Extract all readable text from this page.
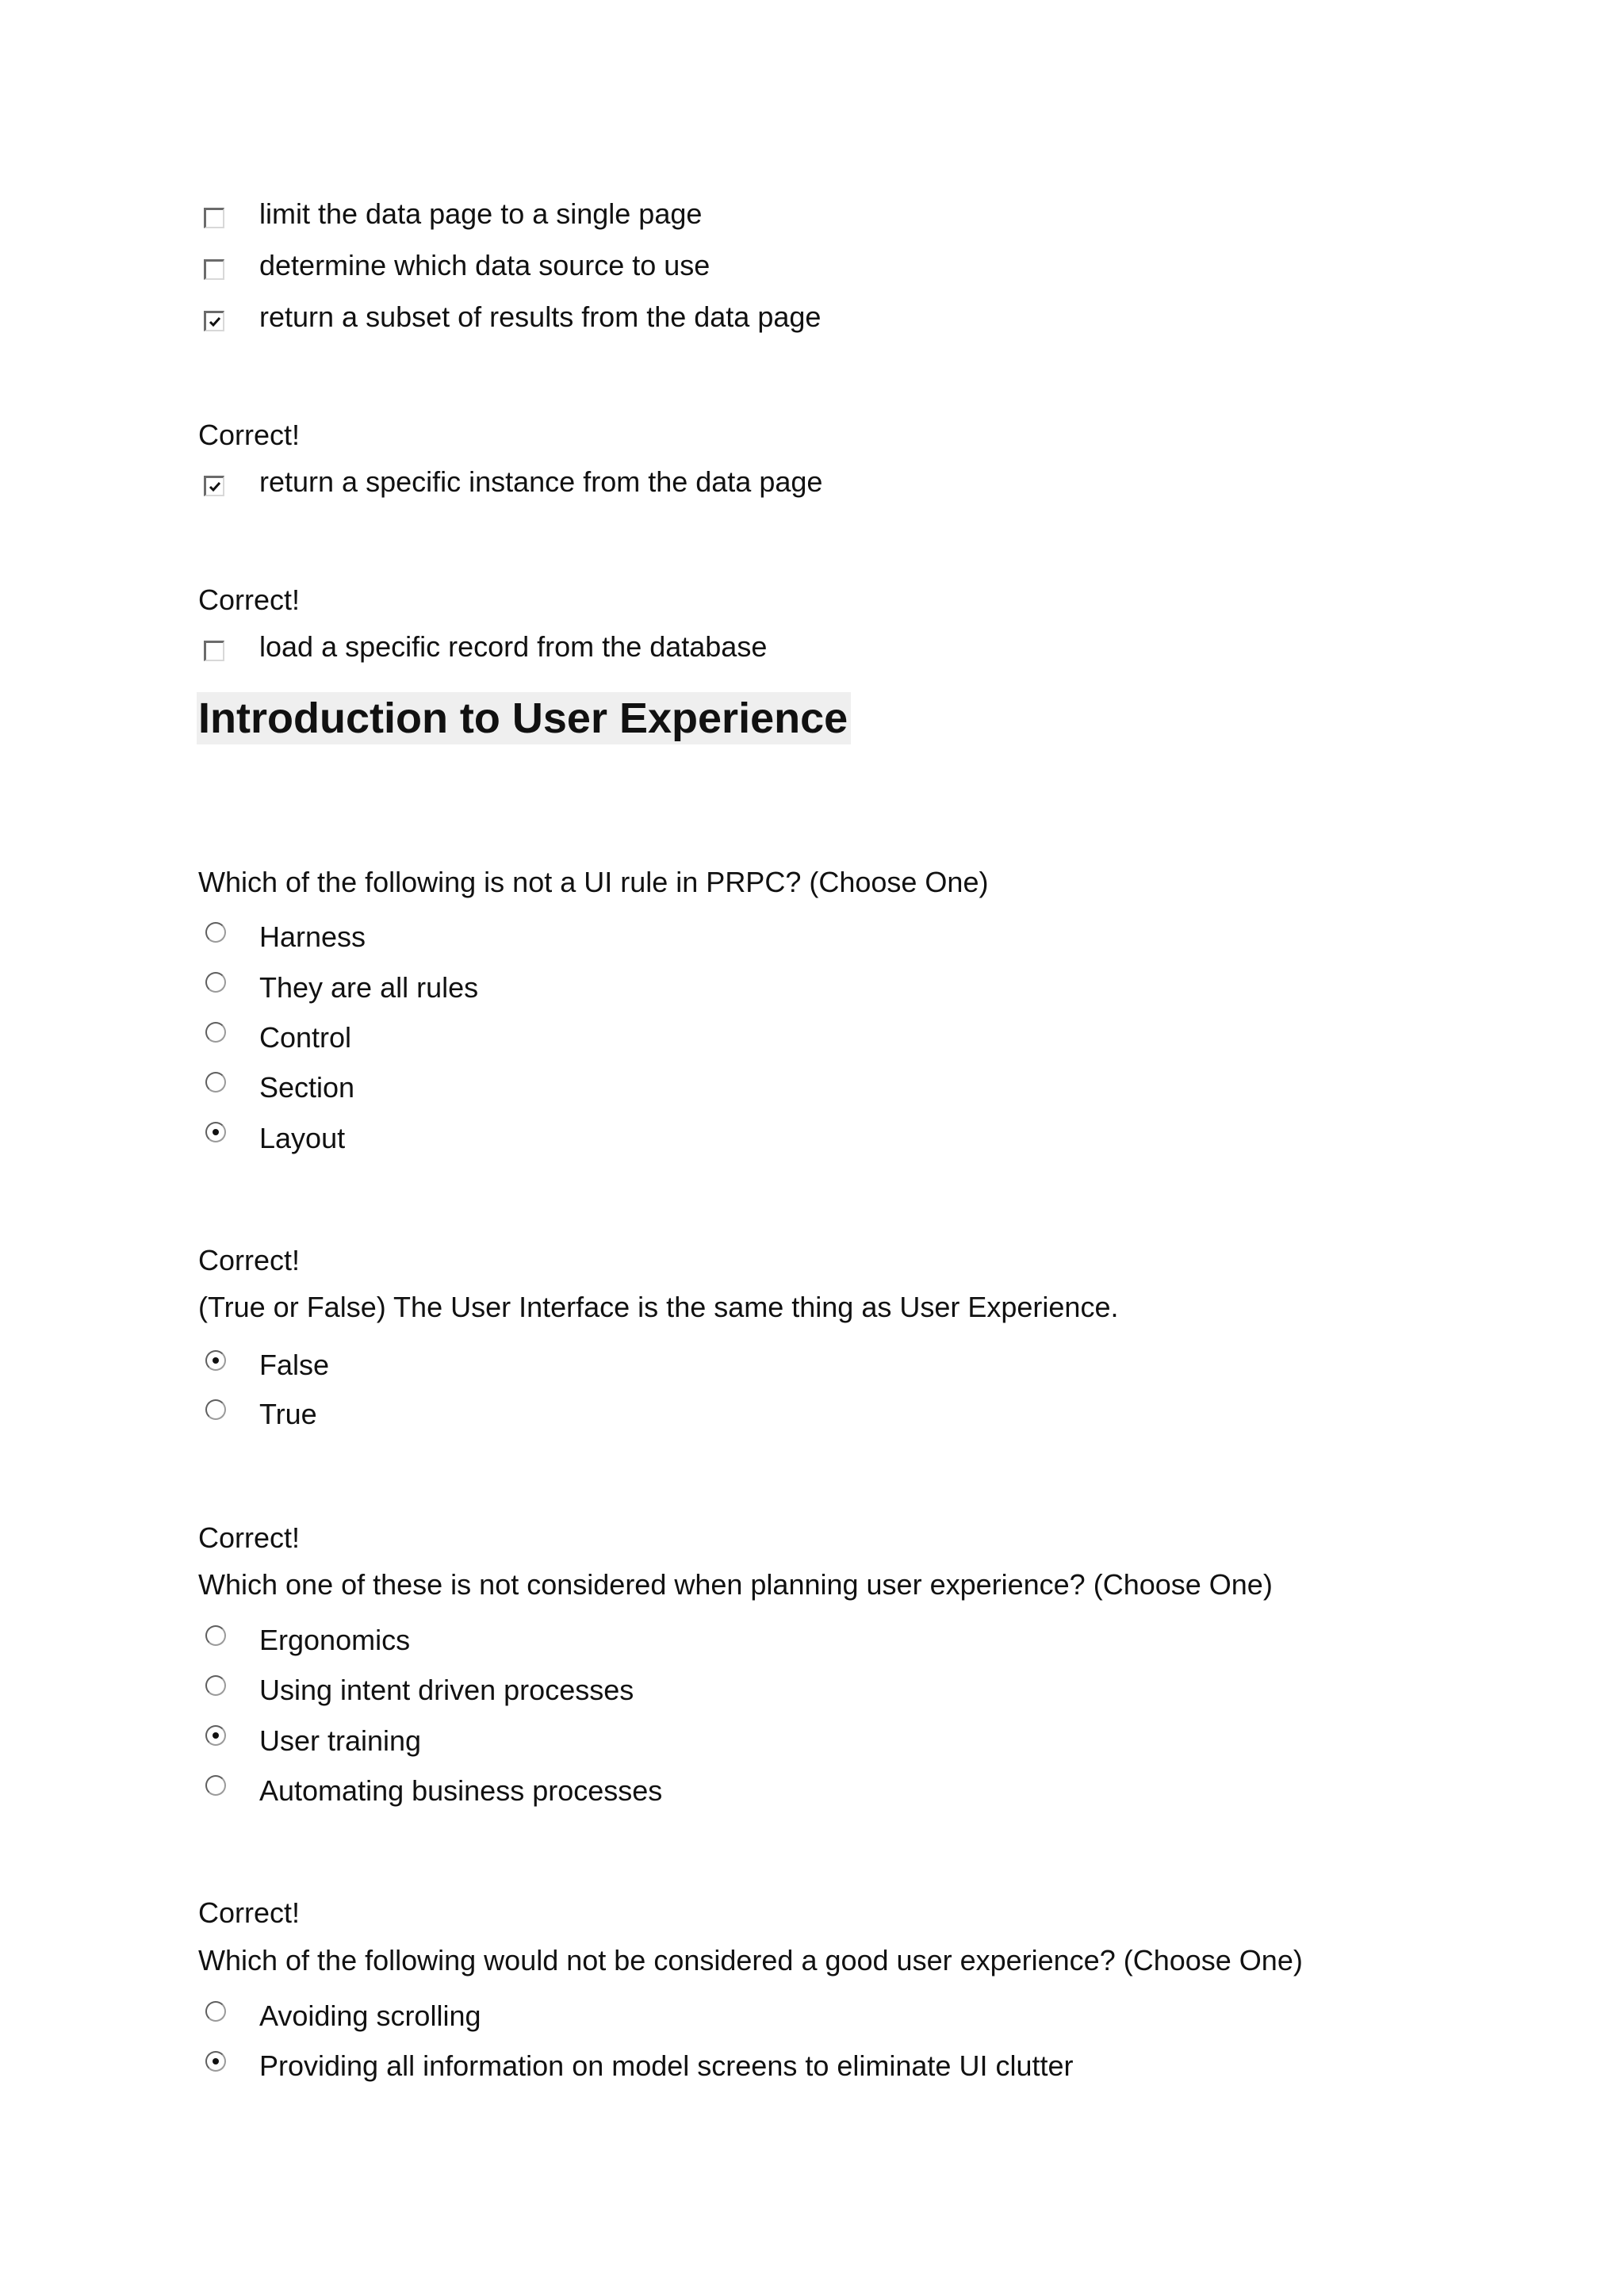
limit the data page to a single page
determine which data source to use
return a subset of results from the data page
Correct!
return a specific instance from the data page
Correct!
load a specific record from the database
Introduction to User Experience
Which of the following is not a UI rule in PRPC? (Choose One)
Harness
They are all rules
Control
Section
Layout
Correct!
(True or False) The User Interface is the same thing as User Experience.
False
True
Correct!
Which one of these is not considered when planning user experience? (Choose One)
Ergonomics
Using intent driven processes
User training
Automating business processes
Correct!
Which of the following would not be considered a good user experience? (Choose One)
Avoiding scrolling
Providing all information on model screens to eliminate UI clutter
